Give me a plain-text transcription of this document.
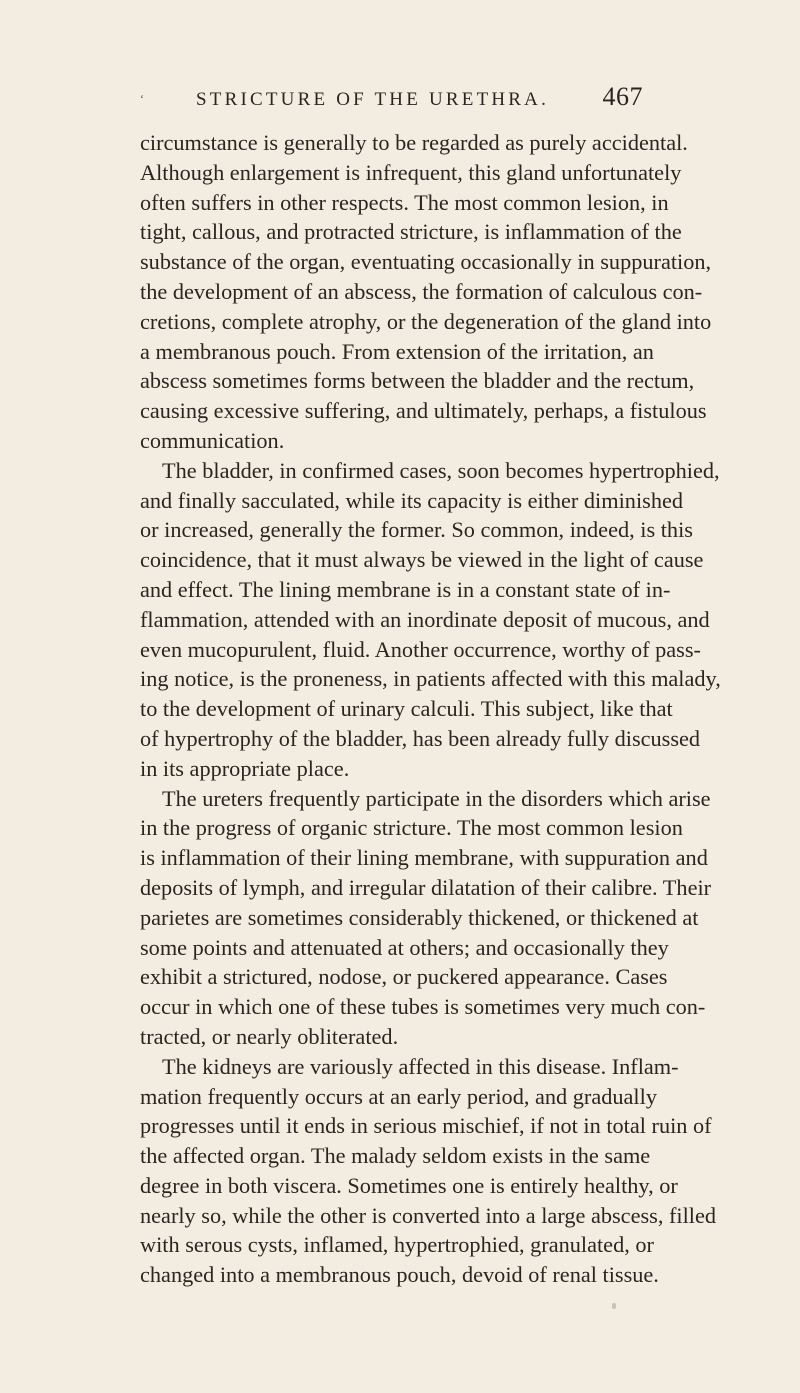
‘	STRICTURE OF THE URETHRA. 467
circumstance is generally to be regarded as purely accidental.
Although enlargement is infrequent, this gland unfortunately
often suffers in other respects. The most common lesion, in
tight, callous, and protracted stricture, is inflammation of the
substance of the organ, eventuating occasionally in suppuration,
the development of an abscess, the formation of calculous con-
cretions, complete atrophy, or the degeneration of the gland into
a membranous pouch. From extension of the irritation, an
abscess sometimes forms between the bladder and the rectum,
causing excessive suffering, and ultimately, perhaps, a fistulous
communication.
The bladder, in confirmed cases, soon becomes hypertrophied,
and finally sacculated, while its capacity is either diminished
or increased, generally the former. So common, indeed, is this
coincidence, that it must always be viewed in the light of cause
and effect. The lining membrane is in a constant state of in-
flammation, attended with an inordinate deposit of mucous, and
even mucopurulent, fluid. Another occurrence, worthy of pass-
ing notice, is the proneness, in patients affected with this malady,
to the development of urinary calculi. This subject, like that
of hypertrophy of the bladder, has been already fully discussed
in its appropriate place.
The ureters frequently participate in the disorders which arise
in the progress of organic stricture. The most common lesion
is inflammation of their lining membrane, with suppuration and
deposits of lymph, and irregular dilatation of their calibre. Their
parietes are sometimes considerably thickened, or thickened at
some points and attenuated at others; and occasionally they
exhibit a strictured, nodose, or puckered appearance. Cases
occur in which one of these tubes is sometimes very much con-
tracted, or nearly obliterated.
The kidneys are variously affected in this disease. Inflam-
mation frequently occurs at an early period, and gradually
progresses until it ends in serious mischief, if not in total ruin of
the affected organ. The malady seldom exists in the same
degree in both viscera. Sometimes one is entirely healthy, or
nearly so, while the other is converted into a large abscess, filled
with serous cysts, inflamed, hypertrophied, granulated, or
changed into a membranous pouch, devoid of renal tissue.
